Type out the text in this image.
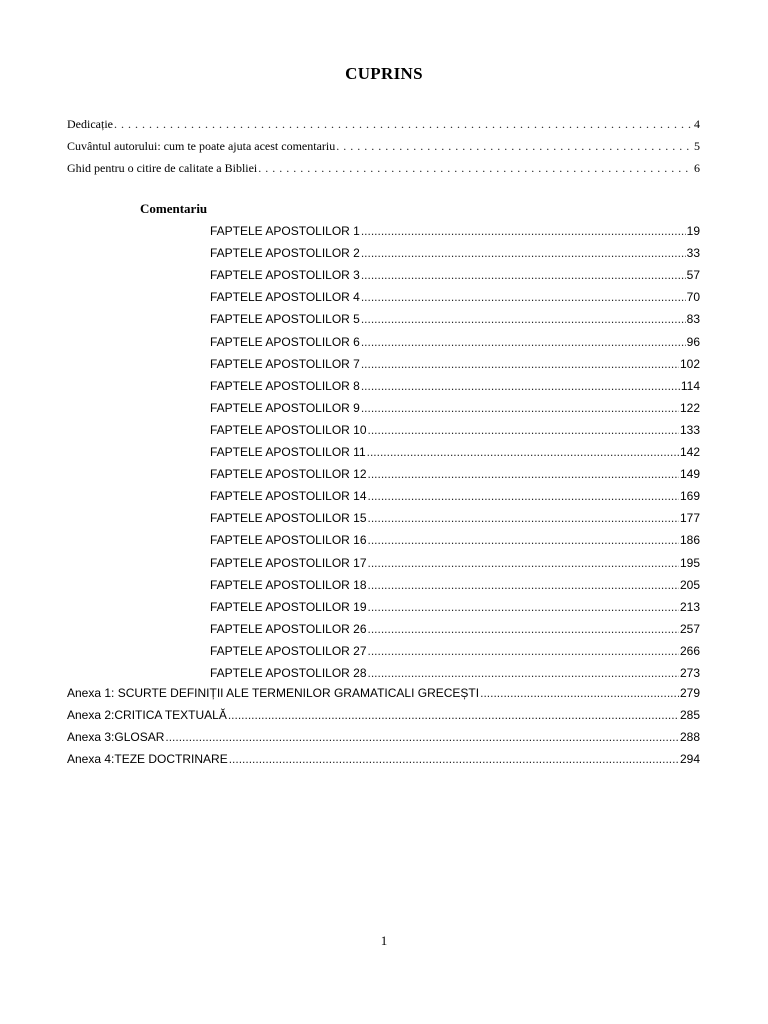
CUPRINS
Dedicație . . .	4
Cuvântul autorului: cum te poate ajuta acest comentariu . . .	5
Ghid pentru o citire de calitate a Bibliei . . .	6
Comentariu
FAPTELE APOSTOLILOR 1 .....	19
FAPTELE APOSTOLILOR 2 .....	33
FAPTELE APOSTOLILOR 3 .....	57
FAPTELE APOSTOLILOR 4 .....	70
FAPTELE APOSTOLILOR 5 .....	83
FAPTELE APOSTOLILOR 6 .....	96
FAPTELE APOSTOLILOR 7 .....	102
FAPTELE APOSTOLILOR 8 .....	114
FAPTELE APOSTOLILOR 9 .....	122
FAPTELE APOSTOLILOR 10 .....	133
FAPTELE APOSTOLILOR 11 .....	142
FAPTELE APOSTOLILOR 12 .....	149
FAPTELE APOSTOLILOR 14 .....	169
FAPTELE APOSTOLILOR 15 .....	177
FAPTELE APOSTOLILOR 16 .....	186
FAPTELE APOSTOLILOR 17 .....	195
FAPTELE APOSTOLILOR 18 .....	205
FAPTELE APOSTOLILOR 19 .....	213
FAPTELE APOSTOLILOR 26 .....	257
FAPTELE APOSTOLILOR 27 .....	266
FAPTELE APOSTOLILOR 28 .....	273
Anexa 1: SCURTE DEFINIȚII ALE TERMENILOR GRAMATICALI GRECEȘTI .....	279
Anexa 2:CRITICA TEXTUALĂ .....	285
Anexa 3:GLOSAR .....	288
Anexa 4:TEZE DOCTRINARE .....	294
1
